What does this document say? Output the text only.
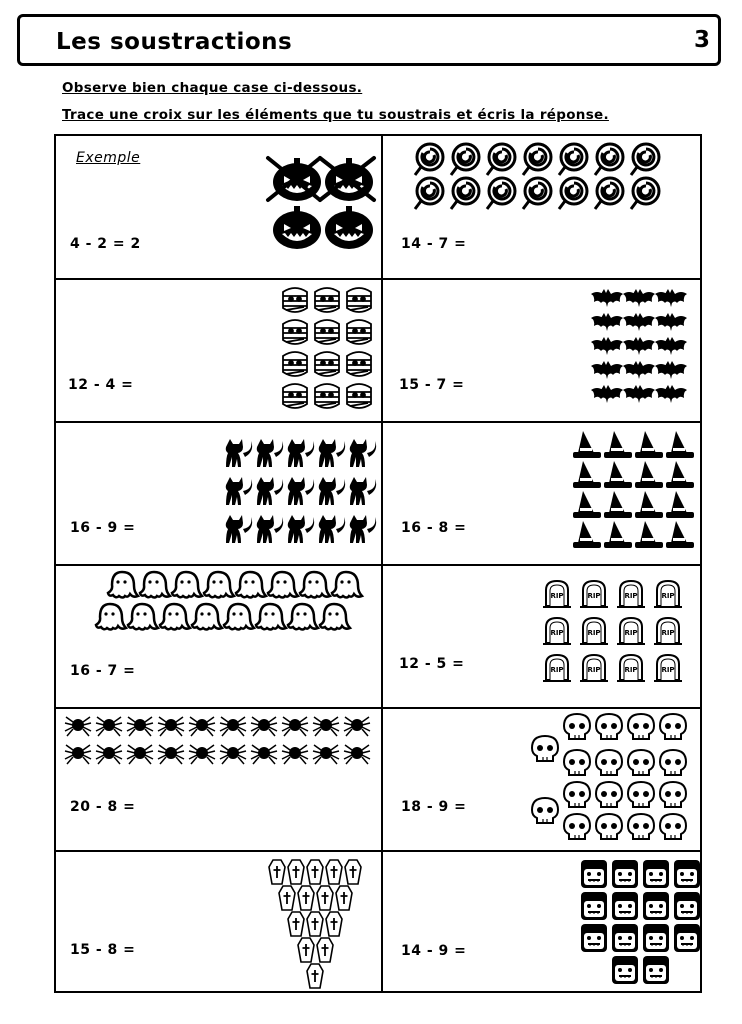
Les soustractions	3
Observe bien chaque case ci-dessous.
Trace une croix sur les éléments que tu soustrais et écris la réponse.
Exemple
4 - 2 = 2	14 - 7 =
12 - 4 =	15 - 7 =
16 - 9 =	16 - 8 =
16 - 7 =	12 - 5 =
20 - 8 =	18 - 9 =
15 - 8 =	14 - 9 =
